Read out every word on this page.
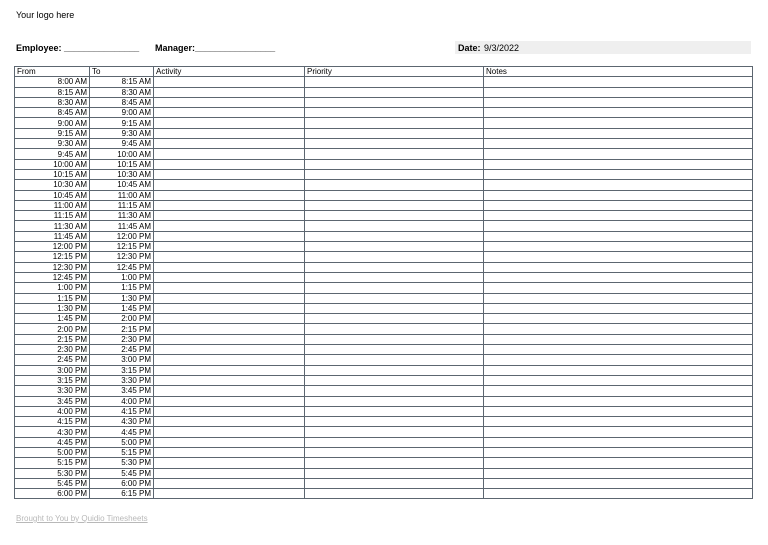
Your logo here
Employee: _______________ Manager:________________	Date: 9/3/2022
From	To	Activity	Priority	Notes
8:00 AM	8:15 AM			
8:15 AM	8:30 AM			
8:30 AM	8:45 AM			
8:45 AM	9:00 AM			
9:00 AM	9:15 AM			
9:15 AM	9:30 AM			
9:30 AM	9:45 AM			
9:45 AM	10:00 AM			
10:00 AM	10:15 AM			
10:15 AM	10:30 AM			
10:30 AM	10:45 AM			
10:45 AM	11:00 AM			
11:00 AM	11:15 AM			
11:15 AM	11:30 AM			
11:30 AM	11:45 AM			
11:45 AM	12:00 PM			
12:00 PM	12:15 PM			
12:15 PM	12:30 PM			
12:30 PM	12:45 PM			
12:45 PM	1:00 PM			
1:00 PM	1:15 PM			
1:15 PM	1:30 PM			
1:30 PM	1:45 PM			
1:45 PM	2:00 PM			
2:00 PM	2:15 PM			
2:15 PM	2:30 PM			
2:30 PM	2:45 PM			
2:45 PM	3:00 PM			
3:00 PM	3:15 PM			
3:15 PM	3:30 PM			
3:30 PM	3:45 PM			
3:45 PM	4:00 PM			
4:00 PM	4:15 PM			
4:15 PM	4:30 PM			
4:30 PM	4:45 PM			
4:45 PM	5:00 PM			
5:00 PM	5:15 PM			
5:15 PM	5:30 PM			
5:30 PM	5:45 PM			
5:45 PM	6:00 PM			
6:00 PM	6:15 PM			
Brought to You by Quidio Timesheets
